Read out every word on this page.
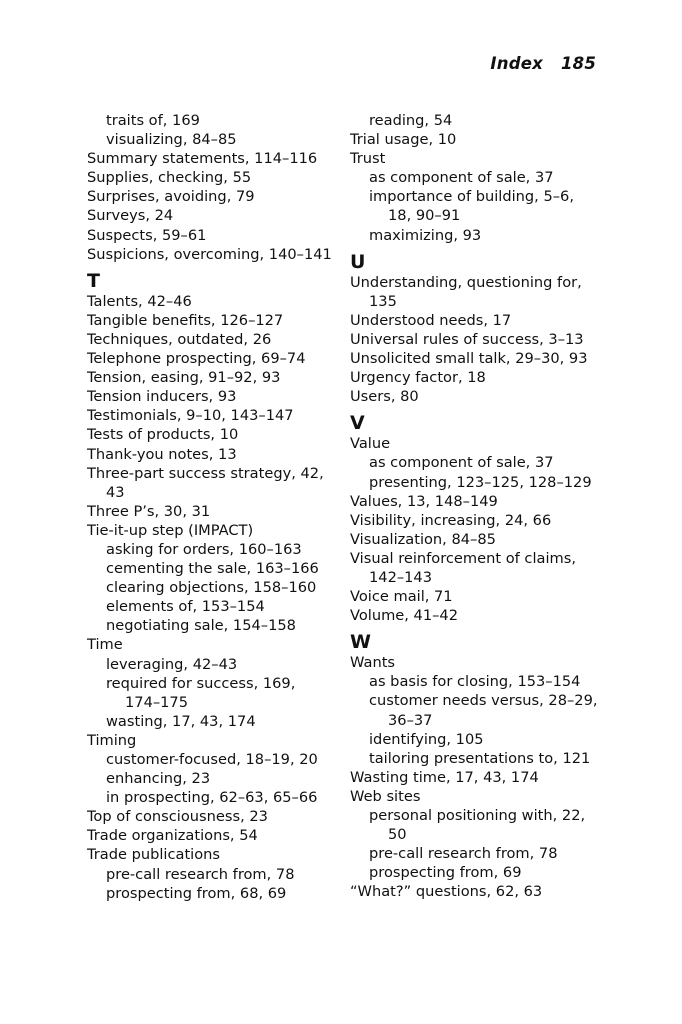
Index 185
traits of, 169
visualizing, 84–85
Summary statements, 114–116
Supplies, checking, 55
Surprises, avoiding, 79
Surveys, 24
Suspects, 59–61
Suspicions, overcoming, 140–141
T
Talents, 42–46
Tangible benefits, 126–127
Techniques, outdated, 26
Telephone prospecting, 69–74
Tension, easing, 91–92, 93
Tension inducers, 93
Testimonials, 9–10, 143–147
Tests of products, 10
Thank-you notes, 13
Three-part success strategy, 42,
43
Three P’s, 30, 31
Tie-it-up step (IMPACT)
asking for orders, 160–163
cementing the sale, 163–166
clearing objections, 158–160
elements of, 153–154
negotiating sale, 154–158
Time
leveraging, 42–43
required for success, 169,
174–175
wasting, 17, 43, 174
Timing
customer-focused, 18–19, 20
enhancing, 23
in prospecting, 62–63, 65–66
Top of consciousness, 23
Trade organizations, 54
Trade publications
pre-call research from, 78
prospecting from, 68, 69
reading, 54
Trial usage, 10
Trust
as component of sale, 37
importance of building, 5–6,
18, 90–91
maximizing, 93
U
Understanding, questioning for,
135
Understood needs, 17
Universal rules of success, 3–13
Unsolicited small talk, 29–30, 93
Urgency factor, 18
Users, 80
V
Value
as component of sale, 37
presenting, 123–125, 128–129
Values, 13, 148–149
Visibility, increasing, 24, 66
Visualization, 84–85
Visual reinforcement of claims,
142–143
Voice mail, 71
Volume, 41–42
W
Wants
as basis for closing, 153–154
customer needs versus, 28–29,
36–37
identifying, 105
tailoring presentations to, 121
Wasting time, 17, 43, 174
Web sites
personal positioning with, 22,
50
pre-call research from, 78
prospecting from, 69
“What?” questions, 62, 63
